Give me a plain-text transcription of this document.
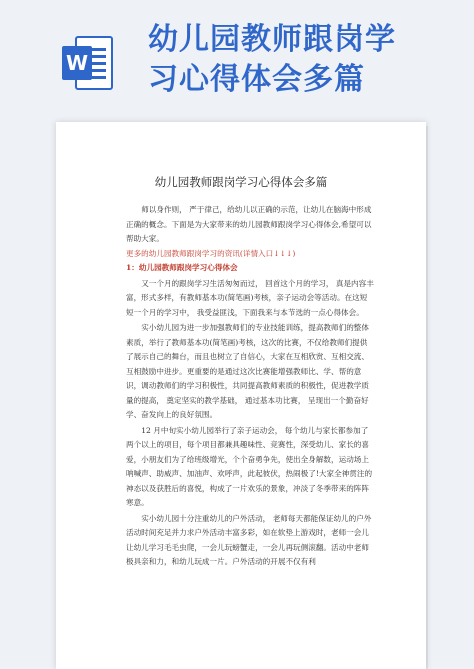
W
幼儿园教师跟岗学
习心得体会多篇
幼儿园教师跟岗学习心得体会多篇

师以身作则， 严于律己，给幼儿以正确的示范，让幼儿在脑海中形成正确的概念。下面是为大家带来的幼儿园教师跟岗学习心得体会,希望可以帮助大家。

更多的幼儿园教师跟岗学习的资讯(详情入口↓↓↓)

1：幼儿园教师跟岗学习心得体会

又一个月的跟岗学习生活匆匆而过， 回首这个月的学习， 真是内容丰富，形式多样，有教师基本功(简笔画)考核，亲子运动会等活动。在这短短一个月的学习中， 我受益匪浅，下面我来与本节选的一点心得体会。

实小幼儿园为进一步加强教师们的专业技能训练，提高教师们的整体素质，举行了教师基本功(简笔画)考核，这次的比赛，不仅给教师们提供了展示自己的舞台，而且也树立了自信心，大家在互相欣赏、互相交流、互相鼓励中进步。更重要的是通过这次比赛能增强教师比、学、帮的意识，调动教师们的学习积极性，共同提高教师素质的积极性，促进教学质量的提高， 奠定坚实的教学基础， 通过基本功比赛， 呈现出一个勤奋好学、奋发向上的良好氛围。

12 月中旬实小幼儿园举行了亲子运动会， 每个幼儿与家长都参加了两个以上的项目，每个项目都兼具趣味性、竞赛性，深受幼儿、家长的喜爱，小朋友们为了给班级增光，个个奋勇争先，使出全身解数，运动场上呐喊声、助威声、加油声、欢呼声，此起彼伏，热闹极了!大家全神贯注的神态以及获胜后的喜悦，构成了一片欢乐的景象，冲淡了冬季带来的阵阵寒意。

实小幼儿园十分注重幼儿的户外活动， 老师每天都能保证幼儿的户外活动时间充足并力求户外活动丰富多彩，如在软垫上游戏时，老师一会儿让幼儿学习毛毛虫爬，一会儿玩螃蟹走，一会儿再玩侧滚翻。活动中老师极具亲和力，和幼儿玩成一片。户外活动的开展不仅有利
